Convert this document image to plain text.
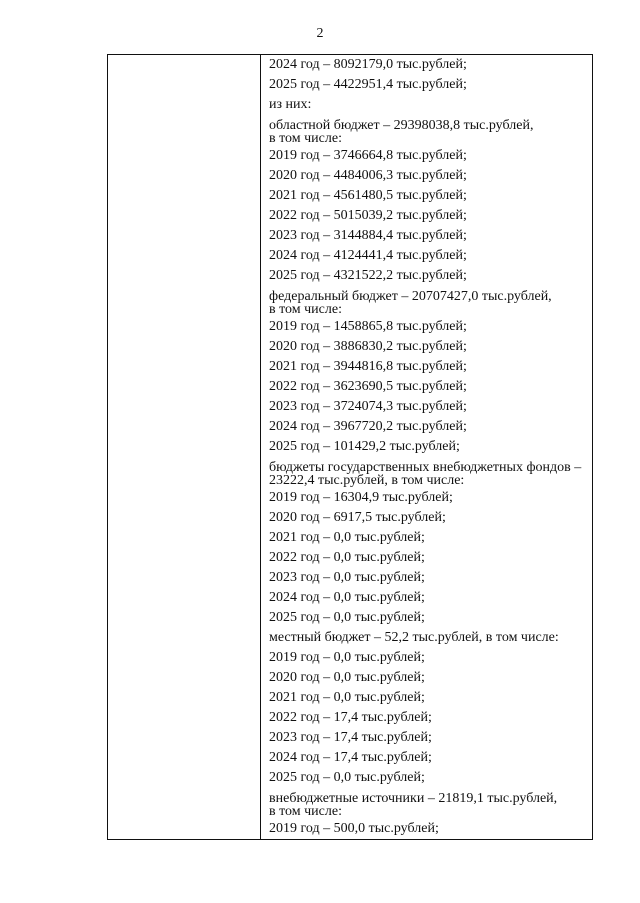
2
2024 год – 8092179,0 тыс.рублей;
2025 год – 4422951,4 тыс.рублей;
из них:
областной бюджет – 29398038,8 тыс.рублей,
в том числе:
2019 год – 3746664,8 тыс.рублей;
2020 год – 4484006,3 тыс.рублей;
2021 год – 4561480,5 тыс.рублей;
2022 год – 5015039,2 тыс.рублей;
2023 год – 3144884,4 тыс.рублей;
2024 год – 4124441,4 тыс.рублей;
2025 год – 4321522,2 тыс.рублей;
федеральный бюджет – 20707427,0 тыс.рублей,
в том числе:
2019 год – 1458865,8 тыс.рублей;
2020 год – 3886830,2 тыс.рублей;
2021 год – 3944816,8 тыс.рублей;
2022 год – 3623690,5 тыс.рублей;
2023 год – 3724074,3 тыс.рублей;
2024 год – 3967720,2 тыс.рублей;
2025 год – 101429,2 тыс.рублей;
бюджеты государственных внебюджетных фондов –
23222,4 тыс.рублей, в том числе:
2019 год – 16304,9 тыс.рублей;
2020 год – 6917,5 тыс.рублей;
2021 год – 0,0 тыс.рублей;
2022 год – 0,0 тыс.рублей;
2023 год – 0,0 тыс.рублей;
2024 год – 0,0 тыс.рублей;
2025 год – 0,0 тыс.рублей;
местный бюджет – 52,2 тыс.рублей, в том числе:
2019 год – 0,0 тыс.рублей;
2020 год – 0,0 тыс.рублей;
2021 год – 0,0 тыс.рублей;
2022 год – 17,4 тыс.рублей;
2023 год – 17,4 тыс.рублей;
2024 год – 17,4 тыс.рублей;
2025 год – 0,0 тыс.рублей;
внебюджетные источники – 21819,1 тыс.рублей,
в том числе:
2019 год – 500,0 тыс.рублей;
